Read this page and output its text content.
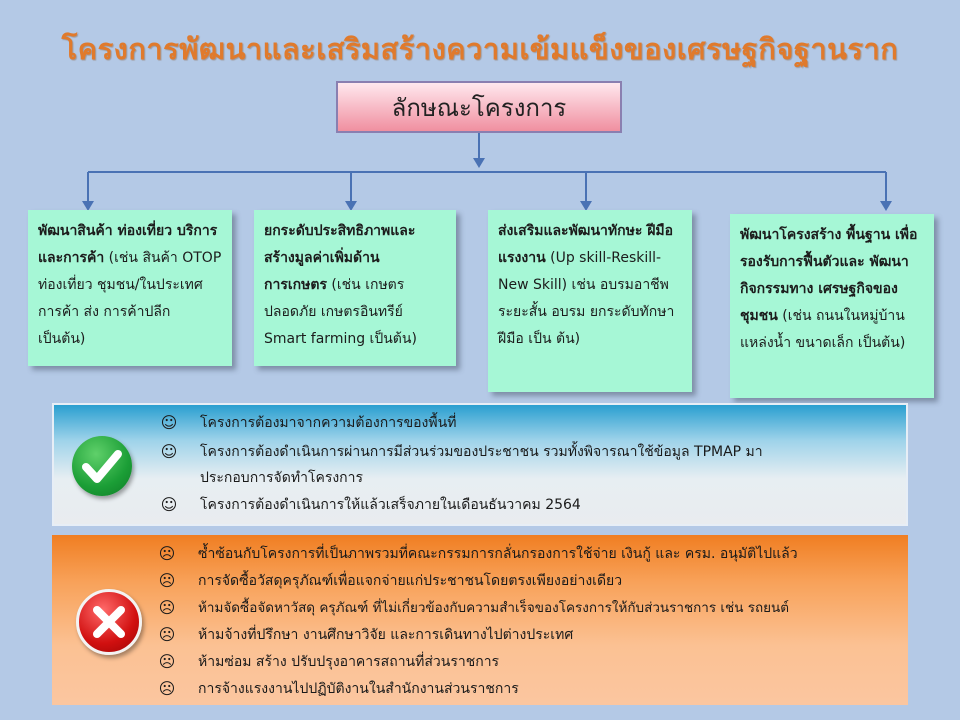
โครงการพัฒนาและเสริมสร้างความเข้มแข็งของเศรษฐกิจฐานราก
ลักษณะโครงการ
พัฒนาสินค้า ท่องเที่ยว บริการ และการค้า (เช่น สินค้า OTOP ท่องเที่ยว ชุมชน/ในประเทศ การค้า ส่ง การค้าปลีก เป็นต้น)
ยกระดับประสิทธิภาพและ สร้างมูลค่าเพิ่มด้าน การเกษตร (เช่น เกษตร ปลอดภัย เกษตรอินทรีย์ Smart farming เป็นต้น)
ส่งเสริมและพัฒนาทักษะ ฝีมือแรงงาน (Up skill-Reskill-New Skill) เช่น อบรมอาชีพระยะสั้น อบรม ยกระดับทักษาฝีมือ เป็น ต้น)
พัฒนาโครงสร้าง พื้นฐาน เพื่อรองรับการฟื้นตัวและ พัฒนากิจกรรมทาง เศรษฐกิจของชุมชน (เช่น ถนนในหมู่บ้าน แหล่งน้ำ ขนาดเล็ก เป็นต้น)
☺ โครงการต้องมาจากความต้องการของพื้นที่
☺ โครงการต้องดำเนินการผ่านการมีส่วนร่วมของประชาชน รวมทั้งพิจารณาใช้ข้อมูล TPMAP มา
ประกอบการจัดทำโครงการ
☺ โครงการต้องดำเนินการให้แล้วเสร็จภายในเดือนธันวาคม 2564
☹ ซ้ำซ้อนกับโครงการที่เป็นภาพรวมที่คณะกรรมการกลั่นกรองการใช้จ่าย เงินกู้ และ ครม. อนุมัติไปแล้ว
☹ การจัดซื้อวัสดุครุภัณฑ์เพื่อแจกจ่ายแก่ประชาชนโดยตรงเพียงอย่างเดียว
☹ ห้ามจัดซื้อจัดหาวัสดุ ครุภัณฑ์ ที่ไม่เกี่ยวข้องกับความสำเร็จของโครงการให้กับส่วนราชการ เช่น รถยนต์
☹ ห้ามจ้างที่ปรึกษา งานศึกษาวิจัย และการเดินทางไปต่างประเทศ
☹ ห้ามซ่อม สร้าง ปรับปรุงอาคารสถานที่ส่วนราชการ
☹ การจ้างแรงงานไปปฏิบัติงานในสำนักงานส่วนราชการ
